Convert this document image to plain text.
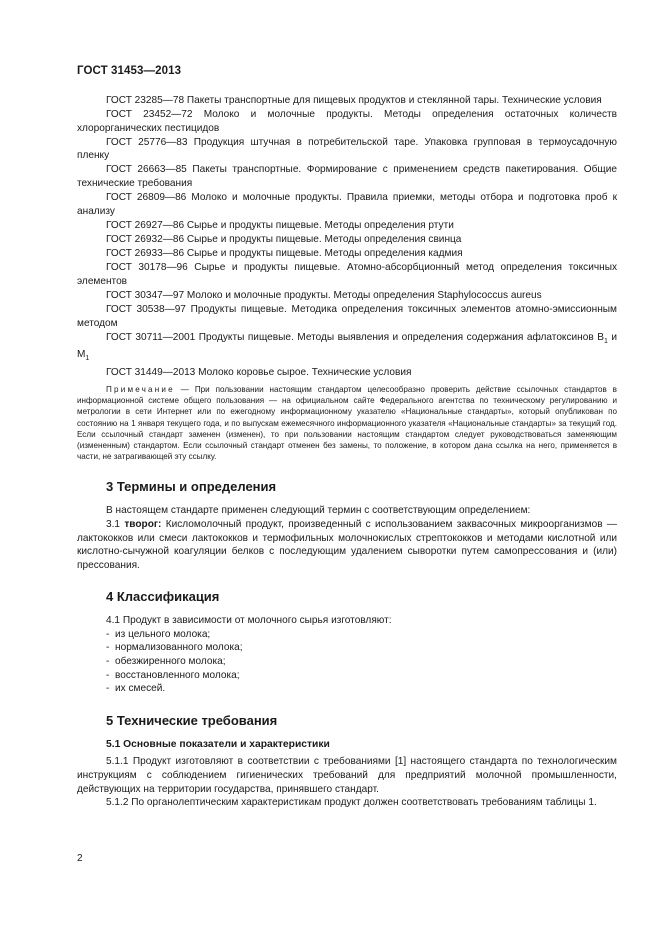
ГОСТ 31453—2013

ГОСТ 23285—78 Пакеты транспортные для пищевых продуктов и стеклянной тары. Технические условия

ГОСТ 23452—72 Молоко и молочные продукты. Методы определения остаточных количеств хлорорганических пестицидов

ГОСТ 25776—83 Продукция штучная в потребительской таре. Упаковка групповая в термоусадочную пленку

ГОСТ 26663—85 Пакеты транспортные. Формирование с применением средств пакетирования. Общие технические требования

ГОСТ 26809—86 Молоко и молочные продукты. Правила приемки, методы отбора и подготовка проб к анализу

ГОСТ 26927—86 Сырье и продукты пищевые. Методы определения ртути

ГОСТ 26932—86 Сырье и продукты пищевые. Методы определения свинца

ГОСТ 26933—86 Сырье и продукты пищевые. Методы определения кадмия

ГОСТ 30178—96 Сырье и продукты пищевые. Атомно-абсорбционный метод определения токсичных элементов

ГОСТ 30347—97 Молоко и молочные продукты. Методы определения Staphylococcus aureus

ГОСТ 30538—97 Продукты пищевые. Методика определения токсичных элементов атомно-эмиссионным методом

ГОСТ 30711—2001 Продукты пищевые. Методы выявления и определения содержания афлатоксинов $В_1$ и $М_1$

ГОСТ 31449—2013 Молоко коровье сырое. Технические условия

Примечание — При пользовании настоящим стандартом целесообразно проверить действие ссылочных стандартов в информационной системе общего пользования — на официальном сайте Федерального агентства по техническому регулированию и метрологии в сети Интернет или по ежегодному информационному указателю «Национальные стандарты», который опубликован по состоянию на 1 января текущего года, и по выпускам ежемесячного информационного указателя «Национальные стандарты» за текущий год. Если ссылочный стандарт заменен (изменен), то при пользовании настоящим стандартом следует руководствоваться заменяющим (измененным) стандартом. Если ссылочный стандарт отменен без замены, то положение, в котором дана ссылка на него, применяется в части, не затрагивающей эту ссылку.

3 Термины и определения

В настоящем стандарте применен следующий термин с соответствующим определением:

3.1 творог: Кисломолочный продукт, произведенный с использованием заквасочных микроорганизмов — лактококков или смеси лактококков и термофильных молочнокислых стрептококков и методами кислотной или кислотно-сычужной коагуляции белков с последующим удалением сыворотки путем самопрессования и (или) прессования.

4 Классификация

4.1 Продукт в зависимости от молочного сырья изготовляют:

- из цельного молока;
- нормализованного молока;
- обезжиренного молока;
- восстановленного молока;
- их смесей.
5 Технические требования
5.1 Основные показатели и характеристики

5.1.1 Продукт изготовляют в соответствии с требованиями [1] настоящего стандарта по технологическим инструкциям с соблюдением гигиенических требований для предприятий молочной промышленности, действующих на территории государства, принявшего стандарт.

5.1.2 По органолептическим характеристикам продукт должен соответствовать требованиям таблицы 1.

2
